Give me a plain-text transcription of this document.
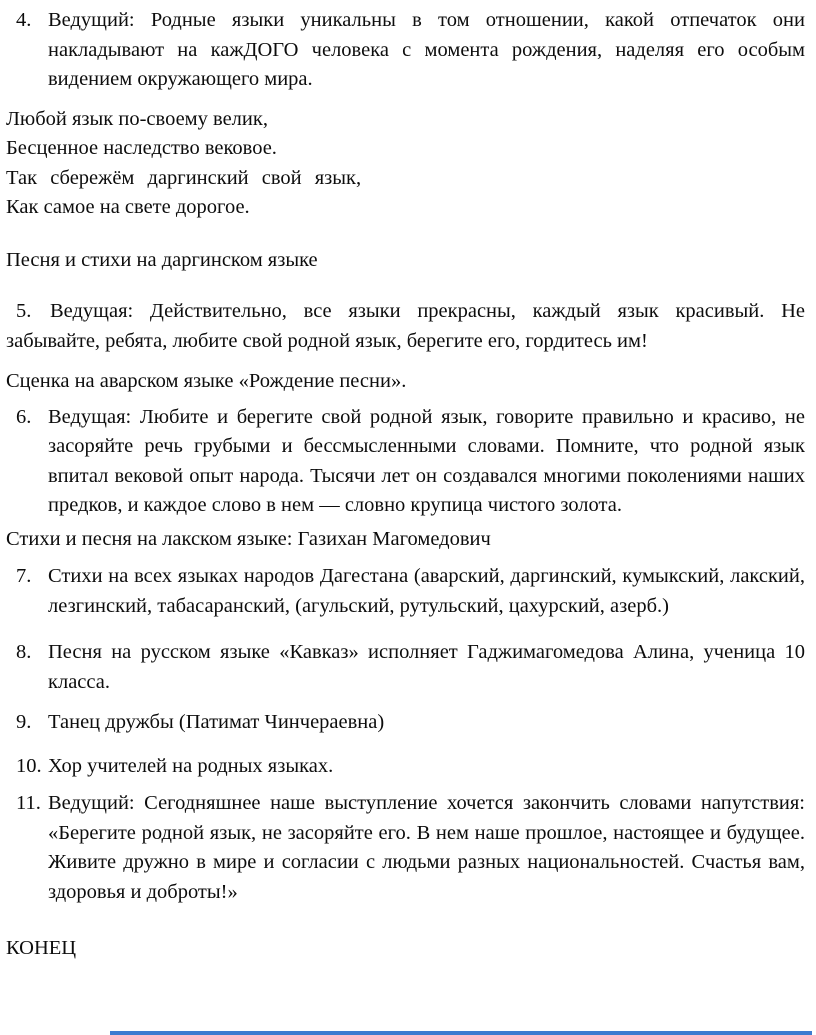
4. Ведущий: Родные языки уникальны в том отношении, какой отпечаток они накладывают на кажДОГО человека с момента рождения, наделяя его особым видением окружающего мира.
Любой язык по-своему велик,
Бесценное наследство вековое.
Так сбережём даргинский свой язык,
Как самое на свете дорогое.
Песня и стихи на даргинском языке
5. Ведущая: Действительно, все языки прекрасны, каждый язык красивый. Не забывайте, ребята, любите свой родной язык, берегите его, гордитесь им!
Сценка на аварском языке «Рождение песни».
6. Ведущая: Любите и берегите свой родной язык, говорите правильно и красиво, не засоряйте речь грубыми и бессмысленными словами. Помните, что родной язык впитал вековой опыт народа. Тысячи лет он создавался многими поколениями наших предков, и каждое слово в нем — словно крупица чистого золота.
Стихи и песня на лакском языке: Газихан Магомедович
7. Стихи на всех языках народов Дагестана (аварский, даргинский, кумыкский, лакский, лезгинский, табасаранский, (агульский, рутульский, цахурский, азерб.)
8. Песня на русском языке «Кавказ» исполняет Гаджимагомедова Алина, ученица 10 класса.
9. Танец дружбы (Патимат Чинчераевна)
10. Хор учителей на родных языках.
11. Ведущий: Сегодняшнее наше выступление хочется закончить словами напутствия: «Берегите родной язык, не засоряйте его. В нем наше прошлое, настоящее и будущее. Живите дружно в мире и согласии с людьми разных национальностей. Счастья вам, здоровья и доброты!»
КОНЕЦ
